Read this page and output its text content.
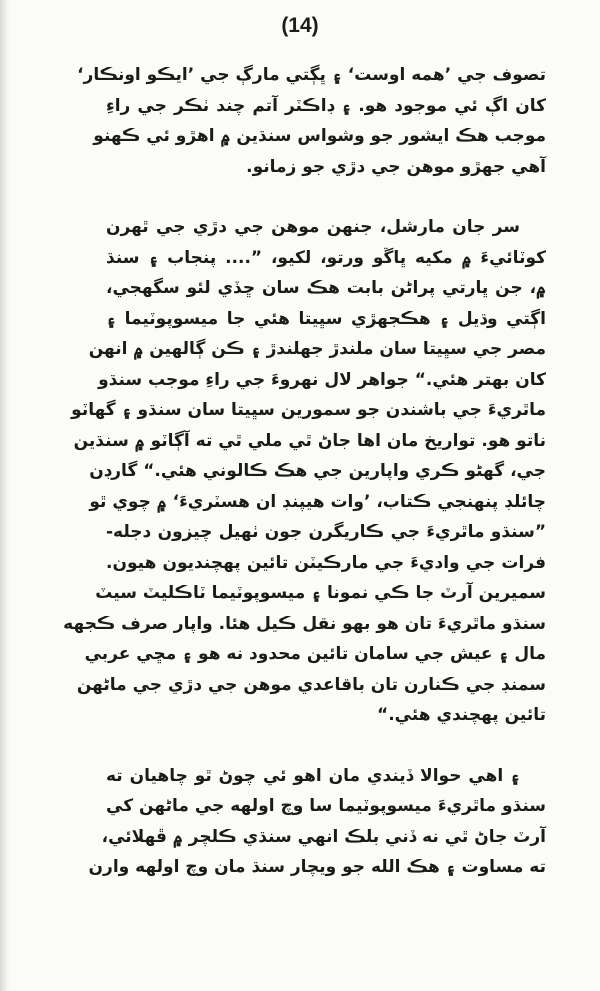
(14)
تصوف جي ’همه اوست‘ ۽ ڀڳتي مارڳ جي ’ايڪو اونڪار‘
کان اڳ ئي موجود هو. ۽ ڊاڪٽر آتم چند ٺڪر جي راءِ
موجب هڪ ايشور جو وشواس سنڌين ۾ اهڙو ئي ڪهنو
آهي جهڙو موهن جي دڙي جو زمانو.
سر جان مارشل، جنهن موهن جي دڙي جي ٿهرن
کوٽائيءَ ۾ مکيه ڀاڱو ورتو، لکيو، ”.... پنجاب ۽ سنڌ
۾، جن ڀارتي پراڻن بابت هڪ سان ڇڏي لئو سگهجي،
اڳتي وڌيل ۽ هڪجهڙي سڀيتا هئي جا ميسوپوٽيما ۽
مصر جي سڀيتا سان ملندڙ جهلندڙ ۽ ڪن ڳالهين ۾ انهن
کان بهتر هئي.“ جواهر لال نهروءَ جي راءِ موجب سنڌو
ماٿريءَ جي باشندن جو سمورين سڀيتا سان سنڌو ۽ گهاٽو
ناتو هو. تواريخ مان اها جاڻ ٿي ملي ٿي ته آڳاٽو ۾ سنڌين
جي، گهڻو ڪري واپارين جي هڪ ڪالوني هئي.“ گارڊن
چائلڊ پنهنجي ڪتاب، ’وات هيپنڊ ان هسٽريءَ‘ ۾ چوي ٿو
”سنڌو ماٿريءَ جي ڪاريگرن جون ٺهيل چيزون دجله-
فرات جي واديءَ جي مارڪيٽن تائين پهچنديون هيون.
سميرين آرٽ جا ڪي نمونا ۽ ميسوپوٽيما ٽاڪليٽ سيٽ
سنڌو ماٿريءَ تان هو بهو نقل ڪيل هئا. واپار صرف ڪجهه
مال ۽ عيش جي سامان تائين محدود نه هو ۽ مڇي عربي
سمنڊ جي ڪنارن تان باقاعدي موهن جي دڙي جي ماڻهن
تائين پهچندي هئي.“
۽ اهي حوالا ڏيندي مان اهو ئي چوڻ ٿو چاهيان ته
سنڌو ماٿريءَ ميسوپوٽيما سا وچ اولهه جي ماڻهن کي
آرٽ جاڻ ٿي نه ڏني بلڪ انهي سنڌي ڪلچر ۾ ڦهلائي،
ته مساوت ۽ هڪ الله جو ويچار سنڌ مان وچ اولهه وارن
